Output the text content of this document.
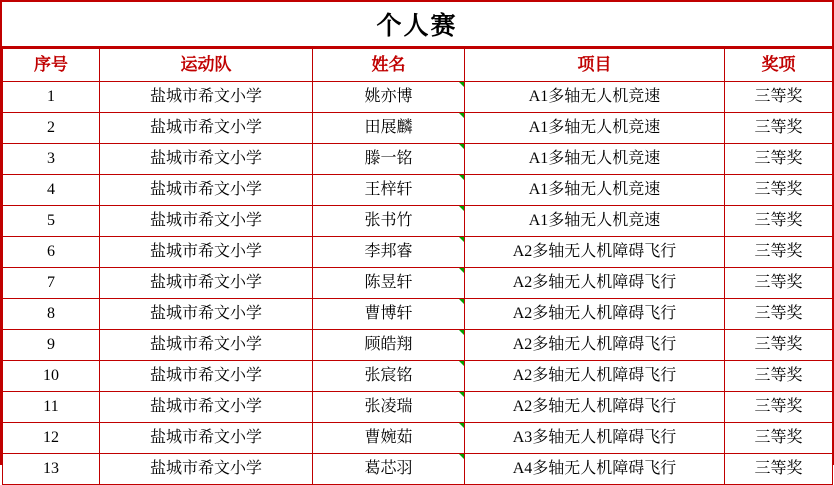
个人赛
序号	运动队	姓名	项目	奖项
1	盐城市希文小学	姚亦博	A1多轴无人机竞速	三等奖
2	盐城市希文小学	田展麟	A1多轴无人机竞速	三等奖
3	盐城市希文小学	滕一铭	A1多轴无人机竞速	三等奖
4	盐城市希文小学	王梓轩	A1多轴无人机竞速	三等奖
5	盐城市希文小学	张书竹	A1多轴无人机竞速	三等奖
6	盐城市希文小学	李邦睿	A2多轴无人机障碍飞行	三等奖
7	盐城市希文小学	陈昱轩	A2多轴无人机障碍飞行	三等奖
8	盐城市希文小学	曹博轩	A2多轴无人机障碍飞行	三等奖
9	盐城市希文小学	顾皓翔	A2多轴无人机障碍飞行	三等奖
10	盐城市希文小学	张宸铭	A2多轴无人机障碍飞行	三等奖
11	盐城市希文小学	张凌瑞	A2多轴无人机障碍飞行	三等奖
12	盐城市希文小学	曹婉茹	A3多轴无人机障碍飞行	三等奖
13	盐城市希文小学	葛芯羽	A4多轴无人机障碍飞行	三等奖
